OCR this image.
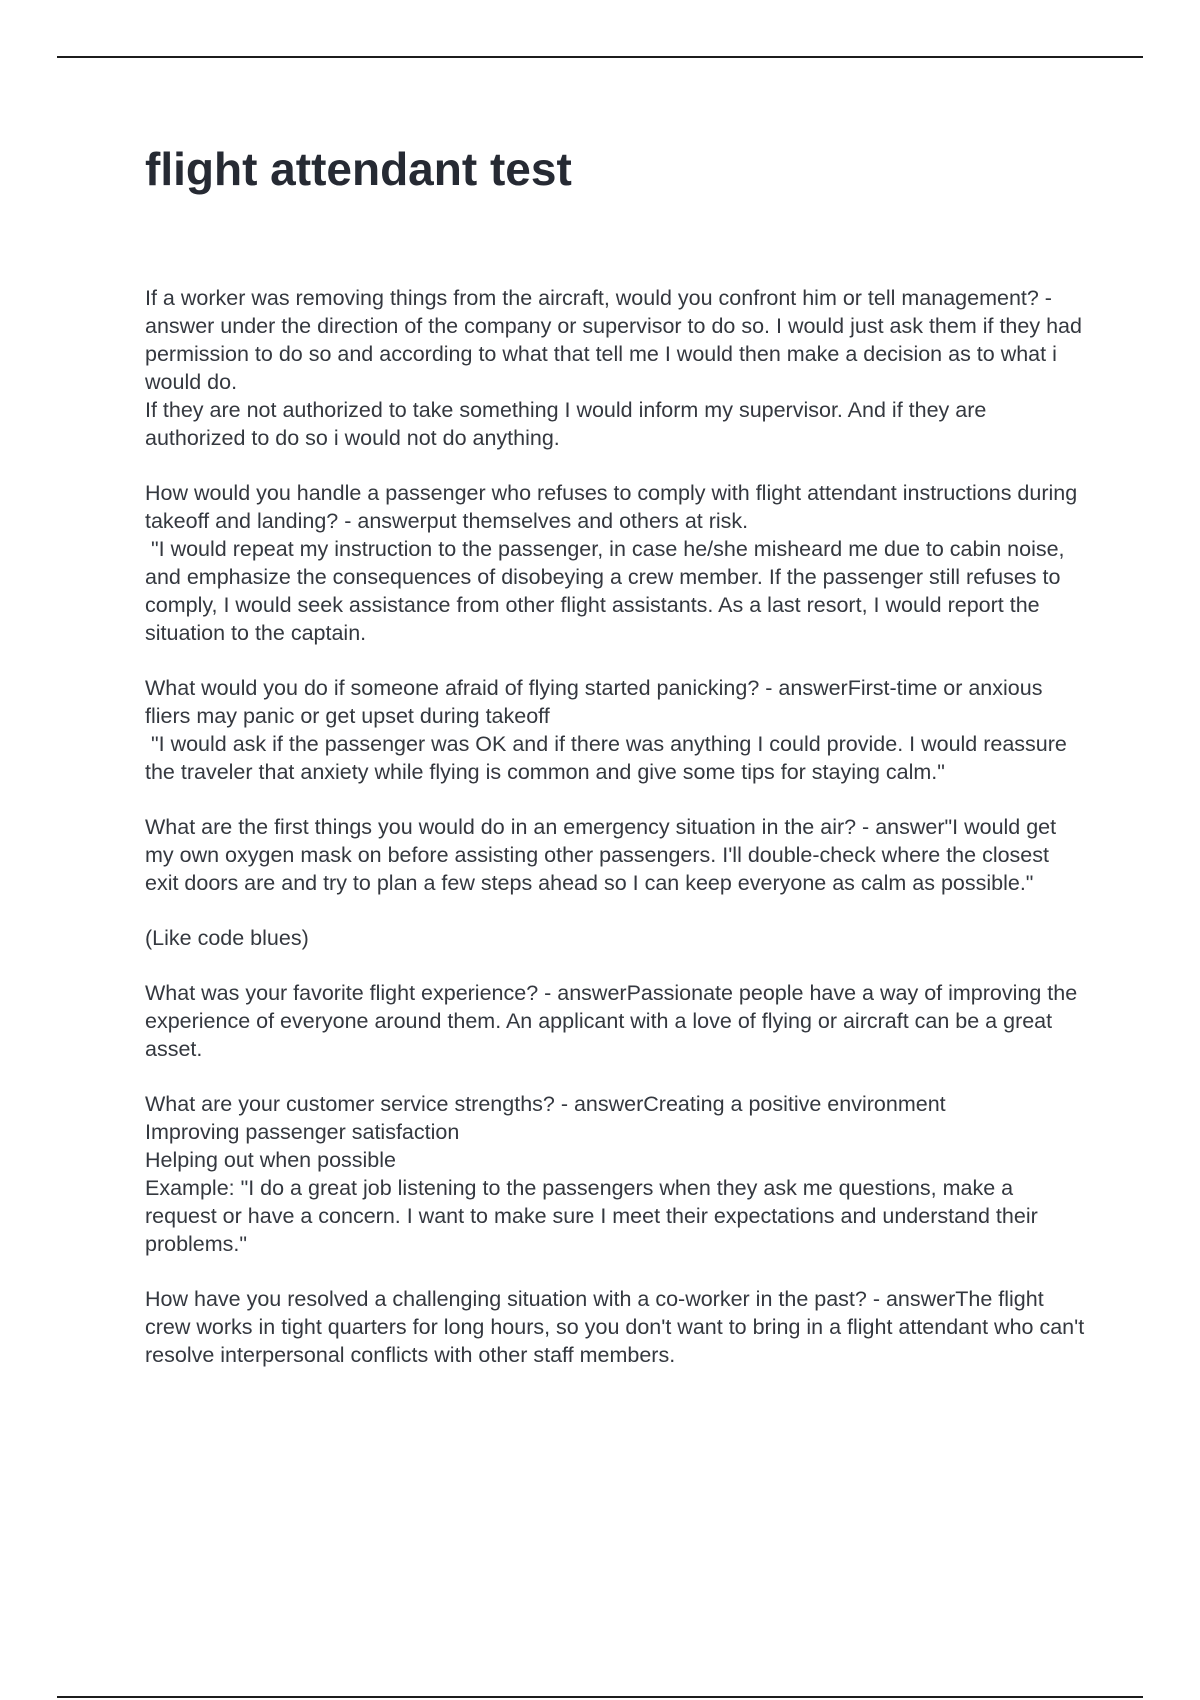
flight attendant test

If a worker was removing things from the aircraft, would you confront him or tell management? - answer under the direction of the company or supervisor to do so. I would just ask them if they had permission to do so and according to what that tell me I would then make a decision as to what i would do.

If they are not authorized to take something I would inform my supervisor. And if they are authorized to do so i would not do anything.

How would you handle a passenger who refuses to comply with flight attendant instructions during takeoff and landing? - answerput themselves and others at risk.

"I would repeat my instruction to the passenger, in case he/she misheard me due to cabin noise, and emphasize the consequences of disobeying a crew member. If the passenger still refuses to comply, I would seek assistance from other flight assistants. As a last resort, I would report the situation to the captain.

What would you do if someone afraid of flying started panicking? - answerFirst-time or anxious fliers may panic or get upset during takeoff

"I would ask if the passenger was OK and if there was anything I could provide. I would reassure the traveler that anxiety while flying is common and give some tips for staying calm."

What are the first things you would do in an emergency situation in the air? - answer"I would get my own oxygen mask on before assisting other passengers. I'll double-check where the closest exit doors are and try to plan a few steps ahead so I can keep everyone as calm as possible."

(Like code blues)

What was your favorite flight experience? - answerPassionate people have a way of improving the experience of everyone around them. An applicant with a love of flying or aircraft can be a great asset.

What are your customer service strengths? - answerCreating a positive environment

Improving passenger satisfaction

Helping out when possible

Example: "I do a great job listening to the passengers when they ask me questions, make a request or have a concern. I want to make sure I meet their expectations and understand their problems."

How have you resolved a challenging situation with a co-worker in the past? - answerThe flight crew works in tight quarters for long hours, so you don't want to bring in a flight attendant who can't resolve interpersonal conflicts with other staff members.
